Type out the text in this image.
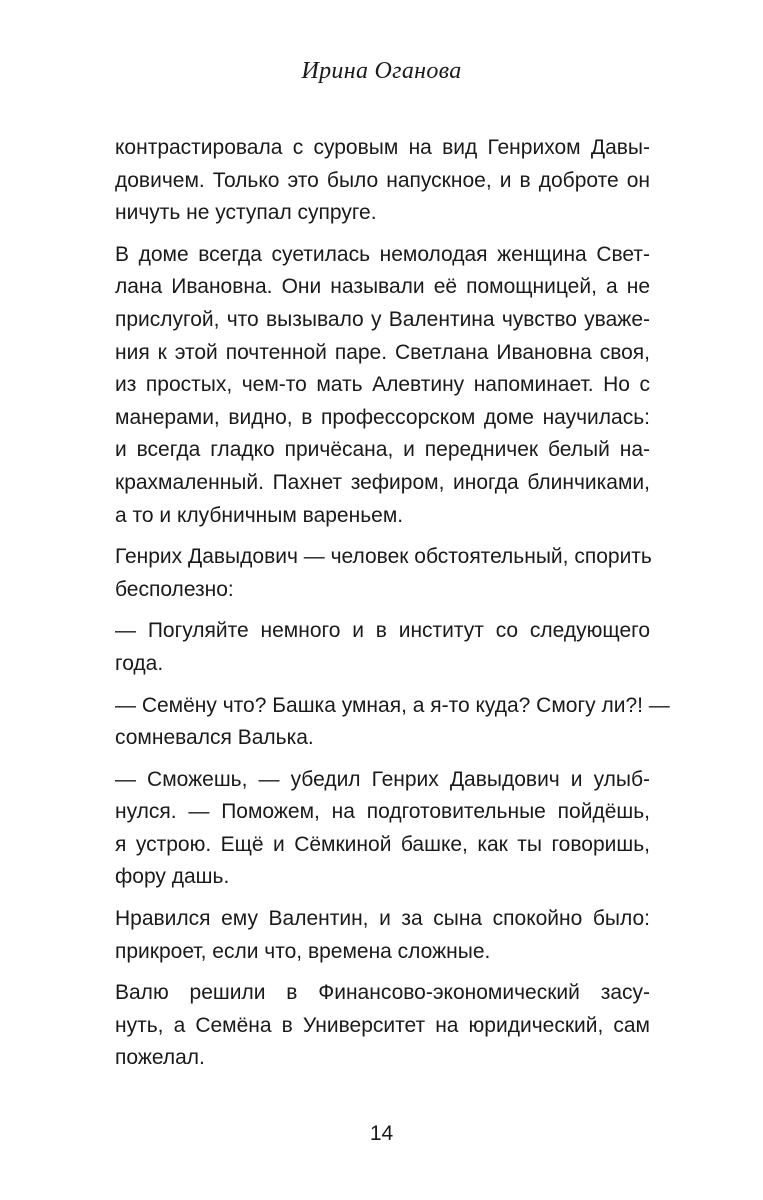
Ирина Оганова

контрастировала с суровым на вид Генрихом Давы-
довичем. Только это было напускное, и в доброте он
ничуть не уступал супруге.

В доме всегда суетилась немолодая женщина Свет-
лана Ивановна. Они называли её помощницей, а не
прислугой, что вызывало у Валентина чувство уваже-
ния к этой почтенной паре. Светлана Ивановна своя,
из простых, чем-то мать Алевтину напоминает. Но с
манерами, видно, в профессорском доме научилась:
и всегда гладко причёсана, и передничек белый на-
крахмаленный. Пахнет зефиром, иногда блинчиками,
а то и клубничным вареньем.

Генрих Давыдович — человек обстоятельный, спорить
бесполезно:

— Погуляйте немного и в институт со следующего
года.

— Семёну что? Башка умная, а я-то куда? Смогу ли?! —
сомневался Валька.

— Сможешь, — убедил Генрих Давыдович и улыб-
нулся. — Поможем, на подготовительные пойдёшь,
я устрою. Ещё и Сёмкиной башке, как ты говоришь,
фору дашь.

Нравился ему Валентин, и за сына спокойно было:
прикроет, если что, времена сложные.

Валю решили в Финансово-экономический засу-
нуть, а Семёна в Университет на юридический, сам
пожелал.

14
